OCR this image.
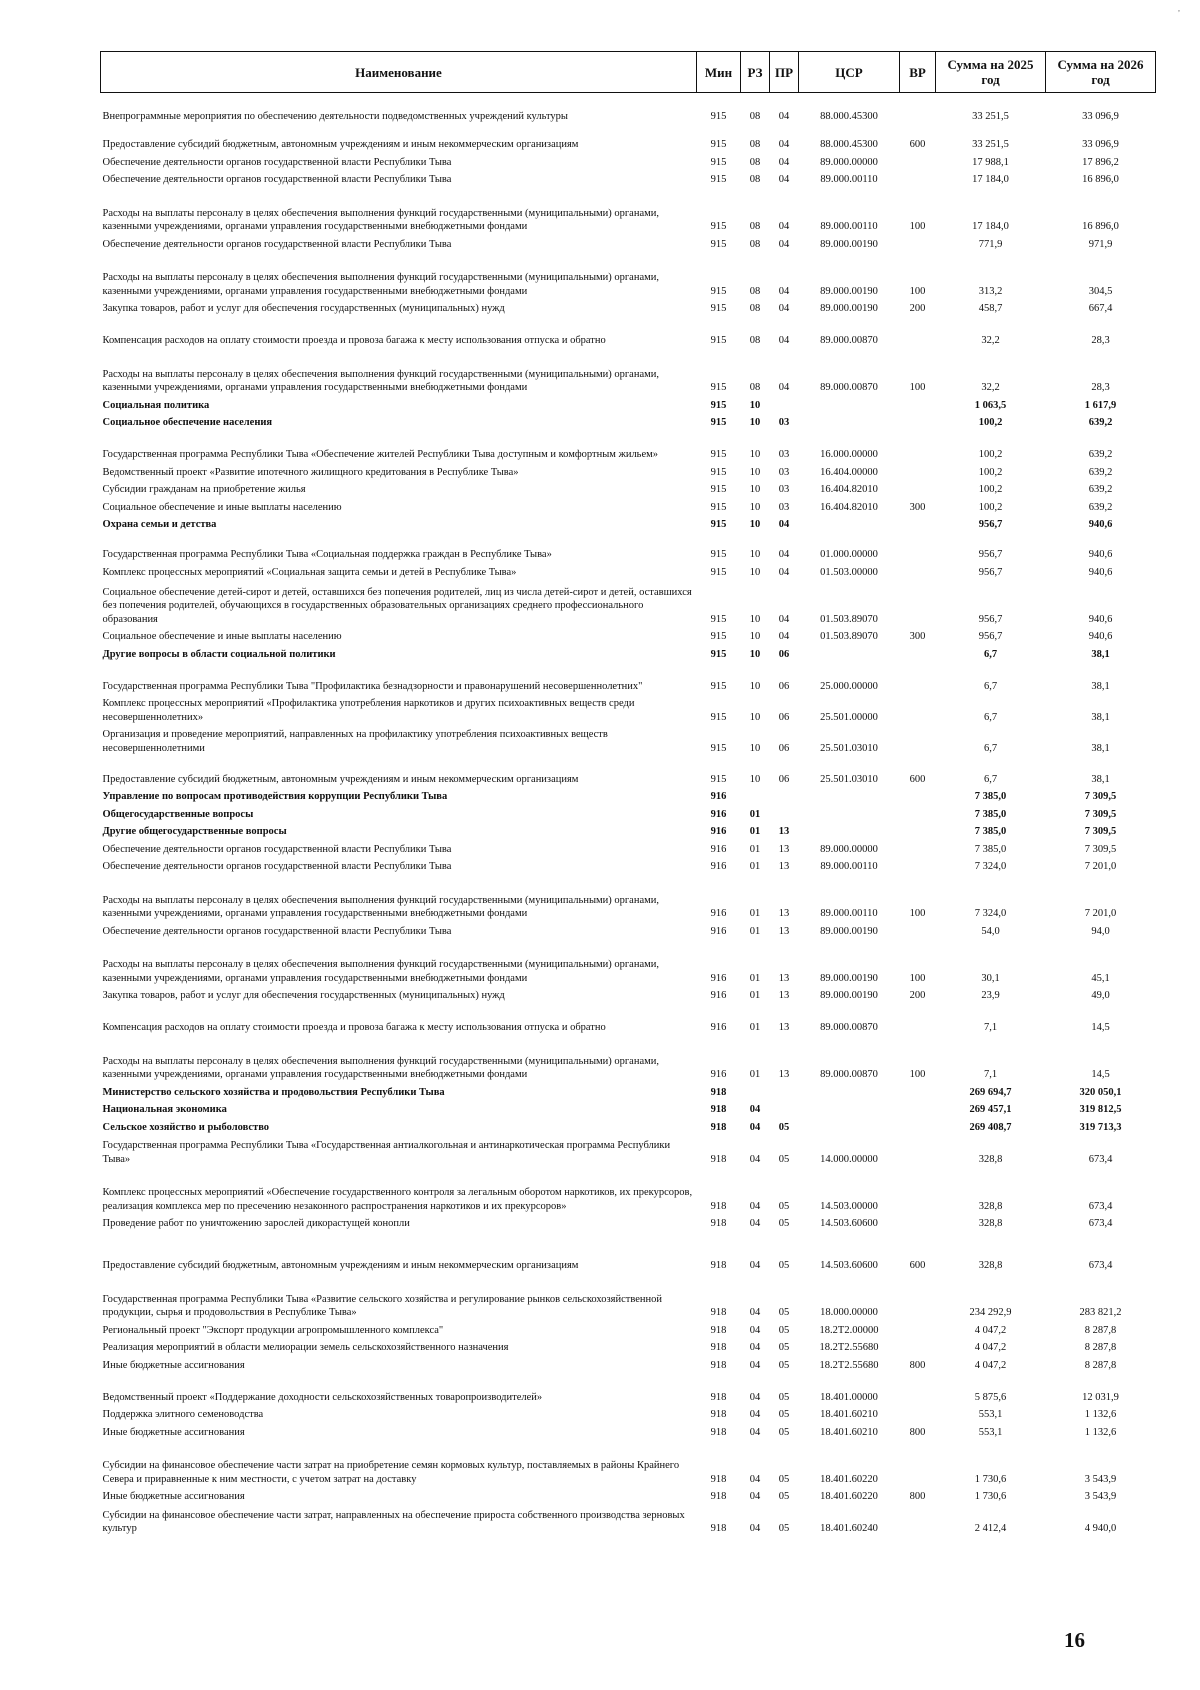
,
Наименование	Мин	РЗ	ПР	ЦСР	ВР	Сумма на 2025 год	Сумма на 2026 год
Внепрограммные мероприятия по обеспечению деятельности подведомственных учреждений культуры	915	08	04	88.000.45300		33 251,5	33 096,9
Предоставление субсидий бюджетным, автономным учреждениям и иным некоммерческим организациям	915	08	04	88.000.45300	600	33 251,5	33 096,9
Обеспечение деятельности органов государственной власти Республики Тыва	915	08	04	89.000.00000		17 988,1	17 896,2
Обеспечение деятельности органов государственной власти Республики Тыва	915	08	04	89.000.00110		17 184,0	16 896,0
Расходы на выплаты персоналу в целях обеспечения выполнения функций государственными (муниципальными) органами, казенными учреждениями, органами управления государственными внебюджетными фондами	915	08	04	89.000.00110	100	17 184,0	16 896,0
Обеспечение деятельности органов государственной власти Республики Тыва	915	08	04	89.000.00190		771,9	971,9
Расходы на выплаты персоналу в целях обеспечения выполнения функций государственными (муниципальными) органами, казенными учреждениями, органами управления государственными внебюджетными фондами	915	08	04	89.000.00190	100	313,2	304,5
Закупка товаров, работ и услуг для обеспечения государственных (муниципальных) нужд	915	08	04	89.000.00190	200	458,7	667,4
Компенсация расходов на оплату стоимости проезда и провоза багажа к месту использования отпуска и обратно	915	08	04	89.000.00870		32,2	28,3
Расходы на выплаты персоналу в целях обеспечения выполнения функций государственными (муниципальными) органами, казенными учреждениями, органами управления государственными внебюджетными фондами	915	08	04	89.000.00870	100	32,2	28,3
Социальная политика	915	10				1 063,5	1 617,9
Социальное обеспечение населения	915	10	03			100,2	639,2
Государственная программа Республики Тыва «Обеспечение жителей Республики Тыва доступным и комфортным жильем»	915	10	03	16.000.00000		100,2	639,2
Ведомственный проект «Развитие ипотечного жилищного кредитования в Республике Тыва»	915	10	03	16.404.00000		100,2	639,2
Субсидии гражданам на приобретение жилья	915	10	03	16.404.82010		100,2	639,2
Социальное обеспечение и иные выплаты населению	915	10	03	16.404.82010	300	100,2	639,2
Охрана семьи и детства	915	10	04			956,7	940,6
Государственная программа Республики Тыва «Социальная поддержка граждан в Республике Тыва»	915	10	04	01.000.00000		956,7	940,6
Комплекс процессных мероприятий «Социальная защита семьи и детей в Республике Тыва»	915	10	04	01.503.00000		956,7	940,6
Социальное обеспечение детей-сирот и детей, оставшихся без попечения родителей, лиц из числа детей-сирот и детей, оставшихся без попечения родителей, обучающихся в государственных образовательных организациях среднего профессионального образования	915	10	04	01.503.89070		956,7	940,6
Социальное обеспечение и иные выплаты населению	915	10	04	01.503.89070	300	956,7	940,6
Другие вопросы в области социальной политики	915	10	06			6,7	38,1
Государственная программа Республики Тыва "Профилактика безнадзорности и правонарушений несовершеннолетних"	915	10	06	25.000.00000		6,7	38,1
Комплекс процессных мероприятий «Профилактика употребления наркотиков и других психоактивных веществ среди несовершеннолетних»	915	10	06	25.501.00000		6,7	38,1
Организация и проведение мероприятий, направленных на профилактику употребления психоактивных веществ несовершеннолетними	915	10	06	25.501.03010		6,7	38,1
Предоставление субсидий бюджетным, автономным учреждениям и иным некоммерческим организациям	915	10	06	25.501.03010	600	6,7	38,1
Управление по вопросам противодействия коррупции Республики Тыва	916					7 385,0	7 309,5
Общегосударственные вопросы	916	01				7 385,0	7 309,5
Другие общегосударственные вопросы	916	01	13			7 385,0	7 309,5
Обеспечение деятельности органов государственной власти Республики Тыва	916	01	13	89.000.00000		7 385,0	7 309,5
Обеспечение деятельности органов государственной власти Республики Тыва	916	01	13	89.000.00110		7 324,0	7 201,0
Расходы на выплаты персоналу в целях обеспечения выполнения функций государственными (муниципальными) органами, казенными учреждениями, органами управления государственными внебюджетными фондами	916	01	13	89.000.00110	100	7 324,0	7 201,0
Обеспечение деятельности органов государственной власти Республики Тыва	916	01	13	89.000.00190		54,0	94,0
Расходы на выплаты персоналу в целях обеспечения выполнения функций государственными (муниципальными) органами, казенными учреждениями, органами управления государственными внебюджетными фондами	916	01	13	89.000.00190	100	30,1	45,1
Закупка товаров, работ и услуг для обеспечения государственных (муниципальных) нужд	916	01	13	89.000.00190	200	23,9	49,0
Компенсация расходов на оплату стоимости проезда и провоза багажа к месту использования отпуска и обратно	916	01	13	89.000.00870		7,1	14,5
Расходы на выплаты персоналу в целях обеспечения выполнения функций государственными (муниципальными) органами, казенными учреждениями, органами управления государственными внебюджетными фондами	916	01	13	89.000.00870	100	7,1	14,5
Министерство сельского хозяйства и продовольствия Республики Тыва	918					269 694,7	320 050,1
Национальная экономика	918	04				269 457,1	319 812,5
Сельское хозяйство и рыболовство	918	04	05			269 408,7	319 713,3
Государственная программа Республики Тыва «Государственная антиалкогольная и антинаркотическая программа Республики Тыва»	918	04	05	14.000.00000		328,8	673,4
Комплекс процессных мероприятий «Обеспечение государственного контроля за легальным оборотом наркотиков, их прекурсоров, реализация комплекса мер по пресечению незаконного распространения наркотиков и их прекурсоров»	918	04	05	14.503.00000		328,8	673,4
Проведение работ по уничтожению зарослей дикорастущей конопли	918	04	05	14.503.60600		328,8	673,4
Предоставление субсидий бюджетным, автономным учреждениям и иным некоммерческим организациям	918	04	05	14.503.60600	600	328,8	673,4
Государственная программа Республики Тыва «Развитие сельского хозяйства и регулирование рынков сельскохозяйственной продукции, сырья и продовольствия в Республике Тыва»	918	04	05	18.000.00000		234 292,9	283 821,2
Региональный проект "Экспорт продукции агропромышленного комплекса"	918	04	05	18.2Т2.00000		4 047,2	8 287,8
Реализация мероприятий в области мелиорации земель сельскохозяйственного назначения	918	04	05	18.2Т2.55680		4 047,2	8 287,8
Иные бюджетные ассигнования	918	04	05	18.2Т2.55680	800	4 047,2	8 287,8
Ведомственный проект «Поддержание доходности сельскохозяйственных товаропроизводителей»	918	04	05	18.401.00000		5 875,6	12 031,9
Поддержка элитного семеноводства	918	04	05	18.401.60210		553,1	1 132,6
Иные бюджетные ассигнования	918	04	05	18.401.60210	800	553,1	1 132,6
Субсидии на финансовое обеспечение части затрат на приобретение семян кормовых культур, поставляемых в районы Крайнего Севера и приравненные к ним местности, с учетом затрат на доставку	918	04	05	18.401.60220		1 730,6	3 543,9
Иные бюджетные ассигнования	918	04	05	18.401.60220	800	1 730,6	3 543,9
Субсидии на финансовое обеспечение части затрат, направленных на обеспечение прироста собственного производства зерновых культур	918	04	05	18.401.60240		2 412,4	4 940,0
16
